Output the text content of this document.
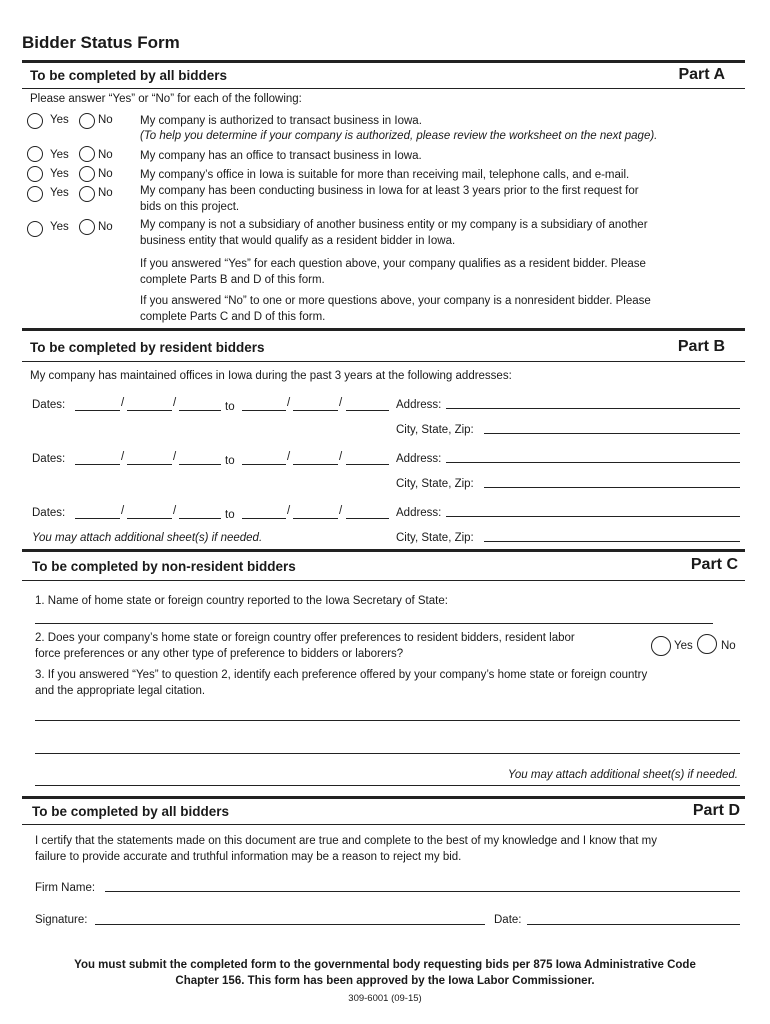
Bidder Status Form
To be completed by all bidders	Part A
Please answer “Yes” or “No” for each of the following:
Yes	No My company is authorized to transact business in Iowa.
(To help you determine if your company is authorized, please review the worksheet on the next page).
Yes	No My company has an office to transact business in Iowa.
Yes	No My company’s office in Iowa is suitable for more than receiving mail, telephone calls, and e-mail.
Yes	No My company has been conducting business in Iowa for at least 3 years prior to the first request for
bids on this project.
Yes	No My company is not a subsidiary of another business entity or my company is a subsidiary of another
business entity that would qualify as a resident bidder in Iowa.
If you answered “Yes” for each question above, your company qualifies as a resident bidder. Please
complete Parts B and D of this form.
If you answered “No” to one or more questions above, your company is a nonresident bidder. Please
complete Parts C and D of this form.
To be completed by resident bidders	Part B
My company has maintained offices in Iowa during the past 3 years at the following addresses:
Dates:	/	/	to	/	/	Address:
City, State, Zip:
Dates:	/	/	to	/	/	Address:
City, State, Zip:
Dates:	/	/	to	/	/	Address:
You may attach additional sheet(s) if needed.	City, State, Zip:
To be completed by non-resident bidders	Part C
1. Name of home state or foreign country reported to the Iowa Secretary of State:
2. Does your company’s home state or foreign country offer preferences to resident bidders, resident labor
force preferences or any other type of preference to bidders or laborers?
Yes No
3. If you answered “Yes” to question 2, identify each preference offered by your company’s home state or foreign country
and the appropriate legal citation.
You may attach additional sheet(s) if needed.
To be completed by all bidders	Part D
I certify that the statements made on this document are true and complete to the best of my knowledge and I know that my
failure to provide accurate and truthful information may be a reason to reject my bid.
Firm Name:
Signature:	Date:
You must submit the completed form to the governmental body requesting bids per 875 Iowa Administrative Code
Chapter 156. This form has been approved by the Iowa Labor Commissioner.
309-6001 (09-15)
